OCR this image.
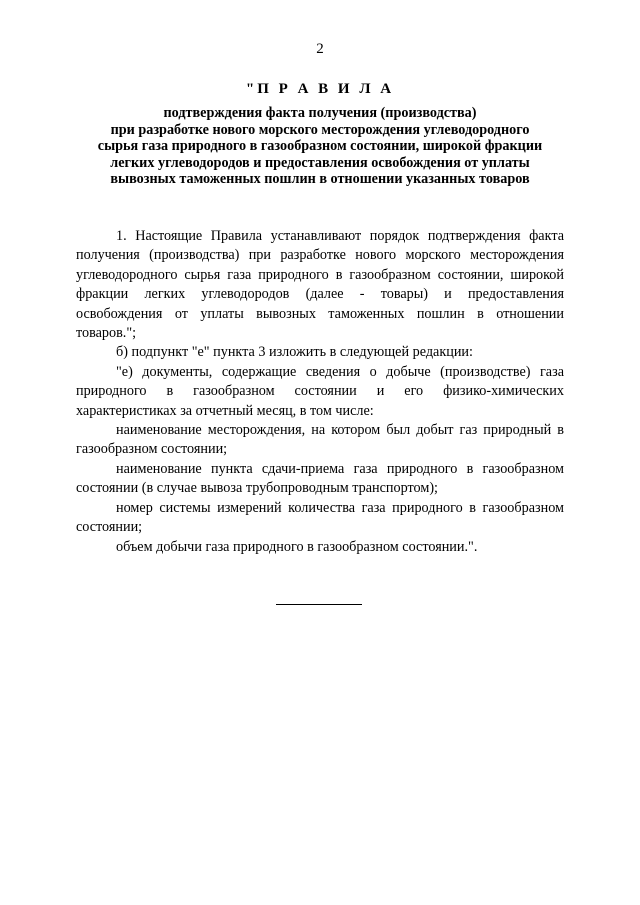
2
"П Р А В И Л А
подтверждения факта получения (производства)
при разработке нового морского месторождения углеводородного
сырья газа природного в газообразном состоянии, широкой фракции
легких углеводородов и предоставления освобождения от уплаты
вывозных таможенных пошлин в отношении указанных товаров

1. Настоящие Правила устанавливают порядок подтверждения факта получения (производства) при разработке нового морского месторождения углеводородного сырья газа природного в газообразном состоянии, широкой фракции легких углеводородов (далее - товары) и предоставления освобождения от уплаты вывозных таможенных пошлин в отношении товаров.";

б) подпункт "е" пункта 3 изложить в следующей редакции:

"е) документы, содержащие сведения о добыче (производстве) газа природного в газообразном состоянии и его физико-химических характеристиках за отчетный месяц, в том числе:

наименование месторождения, на котором был добыт газ природный в газообразном состоянии;

наименование пункта сдачи-приема газа природного в газообразном состоянии (в случае вывоза трубопроводным транспортом);

номер системы измерений количества газа природного в газообразном состоянии;

объем добычи газа природного в газообразном состоянии.".
